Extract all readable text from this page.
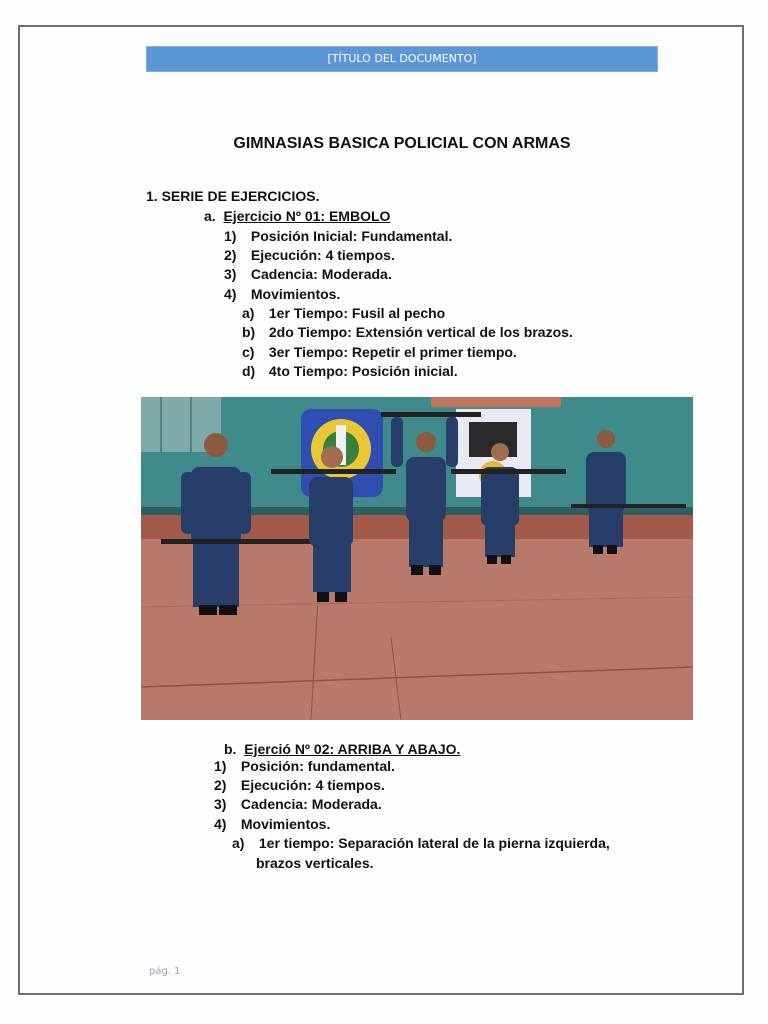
[TÍTULO DEL DOCUMENTO]
GIMNASIAS BASICA POLICIAL CON ARMAS
1. SERIE DE EJERCICIOS.
a. Ejercicio Nº 01: EMBOLO
1) Posición Inicial: Fundamental.
2) Ejecución: 4 tiempos.
3) Cadencia: Moderada.
4) Movimientos.
a) 1er Tiempo: Fusil al pecho
b) 2do Tiempo: Extensión vertical de los brazos.
c) 3er Tiempo: Repetir el primer tiempo.
d) 4to Tiempo: Posición inicial.
b. Ejerció Nº 02: ARRIBA Y ABAJO.
1) Posición: fundamental.
2) Ejecución: 4 tiempos.
3) Cadencia: Moderada.
4) Movimientos.
a) 1er tiempo: Separación lateral de la pierna izquierda,
brazos verticales.
pág. 1
